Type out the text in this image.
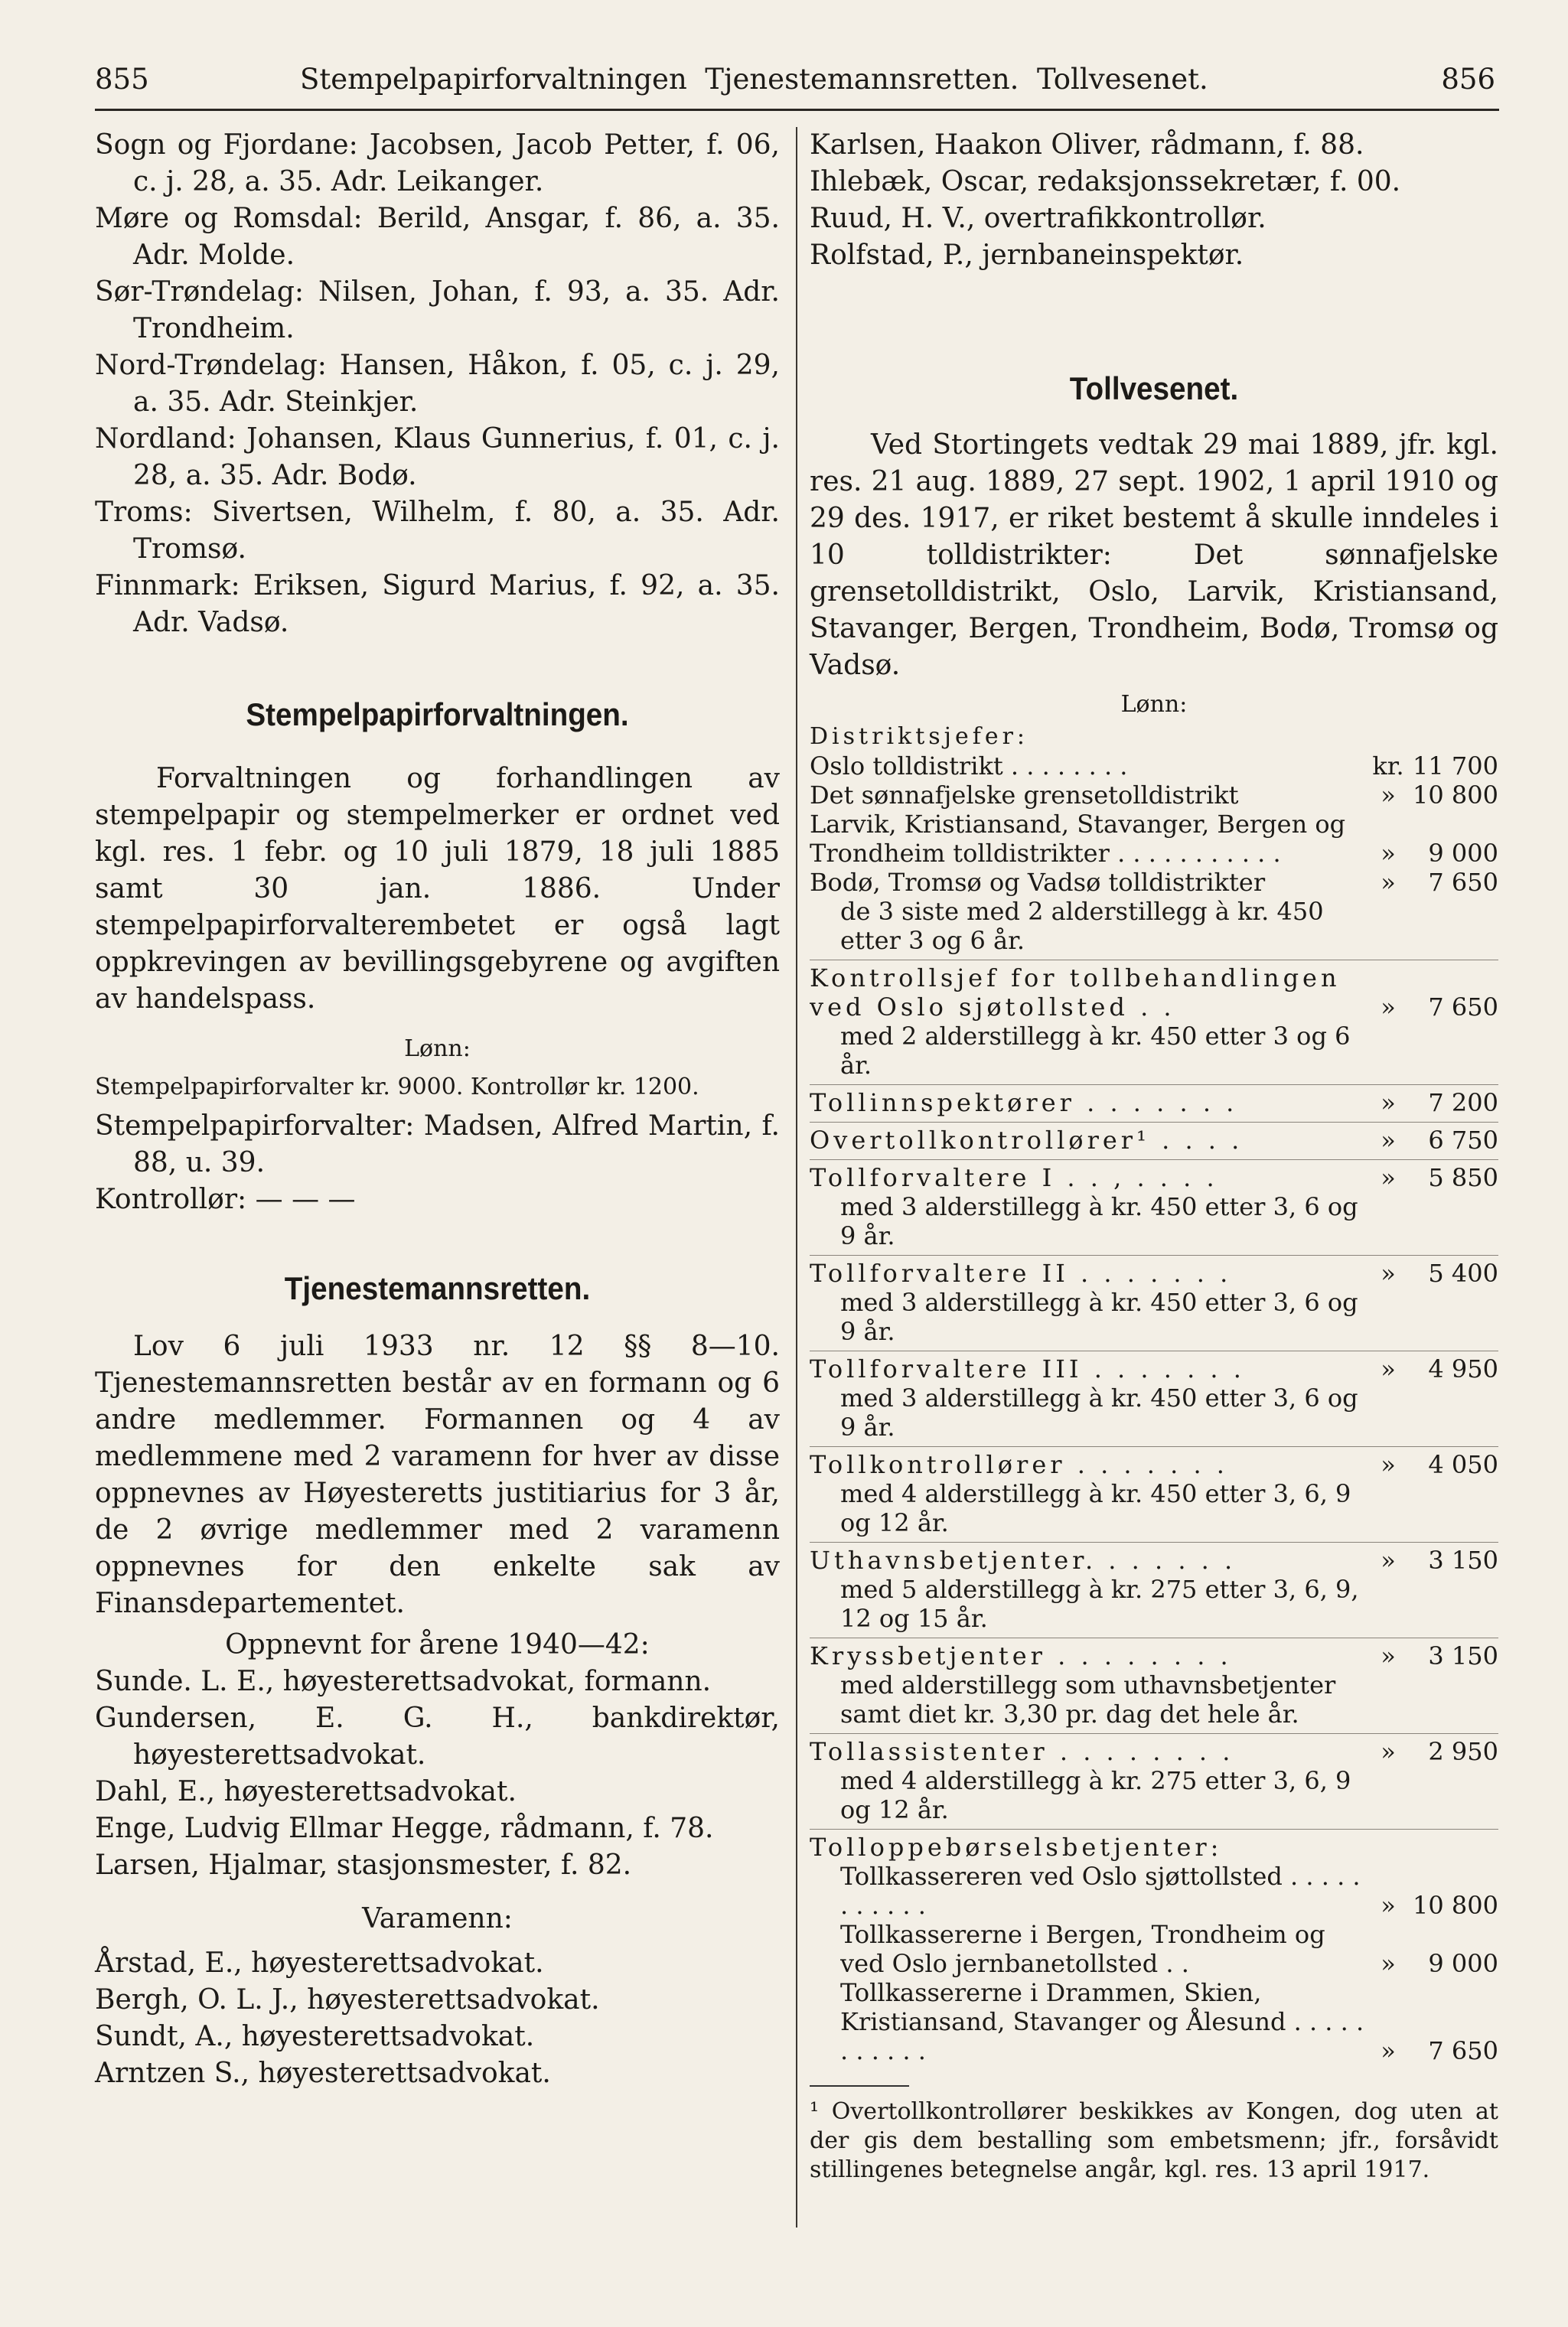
855	Stempelpapirforvaltningen  Tjenestemannsretten.  Tollvesenet.	856

Sogn og Fjordane: Jacobsen, Jacob Petter, f. 06, c. j. 28, a. 35. Adr. Leikanger.

Møre og Romsdal: Berild, Ansgar, f. 86, a. 35. Adr. Molde.

Sør-Trøndelag: Nilsen, Johan, f. 93, a. 35. Adr. Trondheim.

Nord-Trøndelag: Hansen, Håkon, f. 05, c. j. 29, a. 35. Adr. Steinkjer.

Nordland: Johansen, Klaus Gunnerius, f. 01, c. j. 28, a. 35. Adr. Bodø.

Troms: Sivertsen, Wilhelm, f. 80, a. 35. Adr. Tromsø.

Finnmark: Eriksen, Sigurd Marius, f. 92, a. 35. Adr. Vadsø.

Stempelpapirforvaltningen.

Forvaltningen og forhandlingen av stempelpapir og stempelmerker er ordnet ved kgl. res. 1 febr. og 10 juli 1879, 18 juli 1885 samt 30 jan. 1886. Under stempelpapirforvalterembetet er også lagt oppkrevingen av bevillingsgebyrene og avgiften av handelspass.

Lønn:

Stempelpapirforvalter kr. 9000. Kontrollør kr. 1200.

Stempelpapirforvalter: Madsen, Alfred Martin, f. 88, u. 39.

Kontrollør: — — —

Tjenestemannsretten.

Lov 6 juli 1933 nr. 12 §§ 8—10. Tjenestemannsretten består av en formann og 6 andre medlemmer. Formannen og 4 av medlemmene med 2 varamenn for hver av disse oppnevnes av Høyesteretts justitiarius for 3 år, de 2 øvrige medlemmer med 2 varamenn oppnevnes for den enkelte sak av Finansdepartementet.

Oppnevnt for årene 1940—42:

Sunde. L. E., høyesterettsadvokat, formann.

Gundersen, E. G. H., bankdirektør, høyesterettsadvokat.

Dahl, E., høyesterettsadvokat.

Enge, Ludvig Ellmar Hegge, rådmann, f. 78.

Larsen, Hjalmar, stasjonsmester, f. 82.

Varamenn:

Årstad, E., høyesterettsadvokat.

Bergh, O. L. J., høyesterettsadvokat.

Sundt, A., høyesterettsadvokat.

Arntzen S., høyesterettsadvokat.

Karlsen, Haakon Oliver, rådmann, f. 88.

Ihlebæk, Oscar, redaksjonssekretær, f. 00.

Ruud, H. V., overtrafikkontrollør.

Rolfstad, P., jernbaneinspektør.

Tollvesenet.

Ved Stortingets vedtak 29 mai 1889, jfr. kgl. res. 21 aug. 1889, 27 sept. 1902, 1 april 1910 og 29 des. 1917, er riket bestemt å skulle inndeles i 10 tolldistrikter: Det sønnafjelske grensetolldistrikt, Oslo, Larvik, Kristiansand, Stavanger, Bergen, Trondheim, Bodø, Tromsø og Vadsø.

Lønn:

Distriktsjefer:

Oslo tolldistrikt . . . . . . . .	kr. 11 700
Det sønnafjelske grensetolldistrikt	» 10 800
Larvik, Kristiansand, Stavanger, Bergen og Trondheim tolldistrikter . . . . . . . . . . .	»	9 000
Bodø, Tromsø og Vadsø tolldistrikter	»	7 650

de 3 siste med 2 alderstillegg à kr. 450 etter 3 og 6 år.

Kontrollsjef for tollbehandlingen ved Oslo sjøtollsted . .	»	7 650

med 2 alderstillegg à kr. 450 etter 3 og 6 år.

Tollinnspektører . . . . . . .	»	7 200
Overtollkontrollører¹ . . . .	»	6 750
Tollforvaltere I . . , . . . .	»	5 850

med 3 alderstillegg à kr. 450 etter 3, 6 og 9 år.

Tollforvaltere II . . . . . . .	»	5 400

med 3 alderstillegg à kr. 450 etter 3, 6 og 9 år.

Tollforvaltere III . . . . . . .	»	4 950

med 3 alderstillegg à kr. 450 etter 3, 6 og 9 år.

Tollkontrollører . . . . . . .	»	4 050

med 4 alderstillegg à kr. 450 etter 3, 6, 9 og 12 år.

Uthavnsbetjenter. . . . . . .	»	3 150

med 5 alderstillegg à kr. 275 etter 3, 6, 9, 12 og 15 år.

Kryssbetjenter . . . . . . . .	»	3 150

med alderstillegg som uthavnsbetjenter samt diet kr. 3,30 pr. dag det hele år.

Tollassistenter . . . . . . . .	»	2 950

med 4 alderstillegg à kr. 275 etter 3, 6, 9 og 12 år.

Tolloppebørselsbetjenter:

Tollkassereren ved Oslo sjøttollsted . . . . . . . . . . .	» 10 800
Tollkassererne i Bergen, Trondheim og ved Oslo jernbanetollsted . .	»	9 000
Tollkassererne i Drammen, Skien, Kristiansand, Stavanger og Ålesund . . . . . . . . . . .	»	7 650

¹ Overtollkontrollører beskikkes av Kongen, dog uten at der gis dem bestalling som embetsmenn; jfr., forsåvidt stillingenes betegnelse angår, kgl. res. 13 april 1917.
